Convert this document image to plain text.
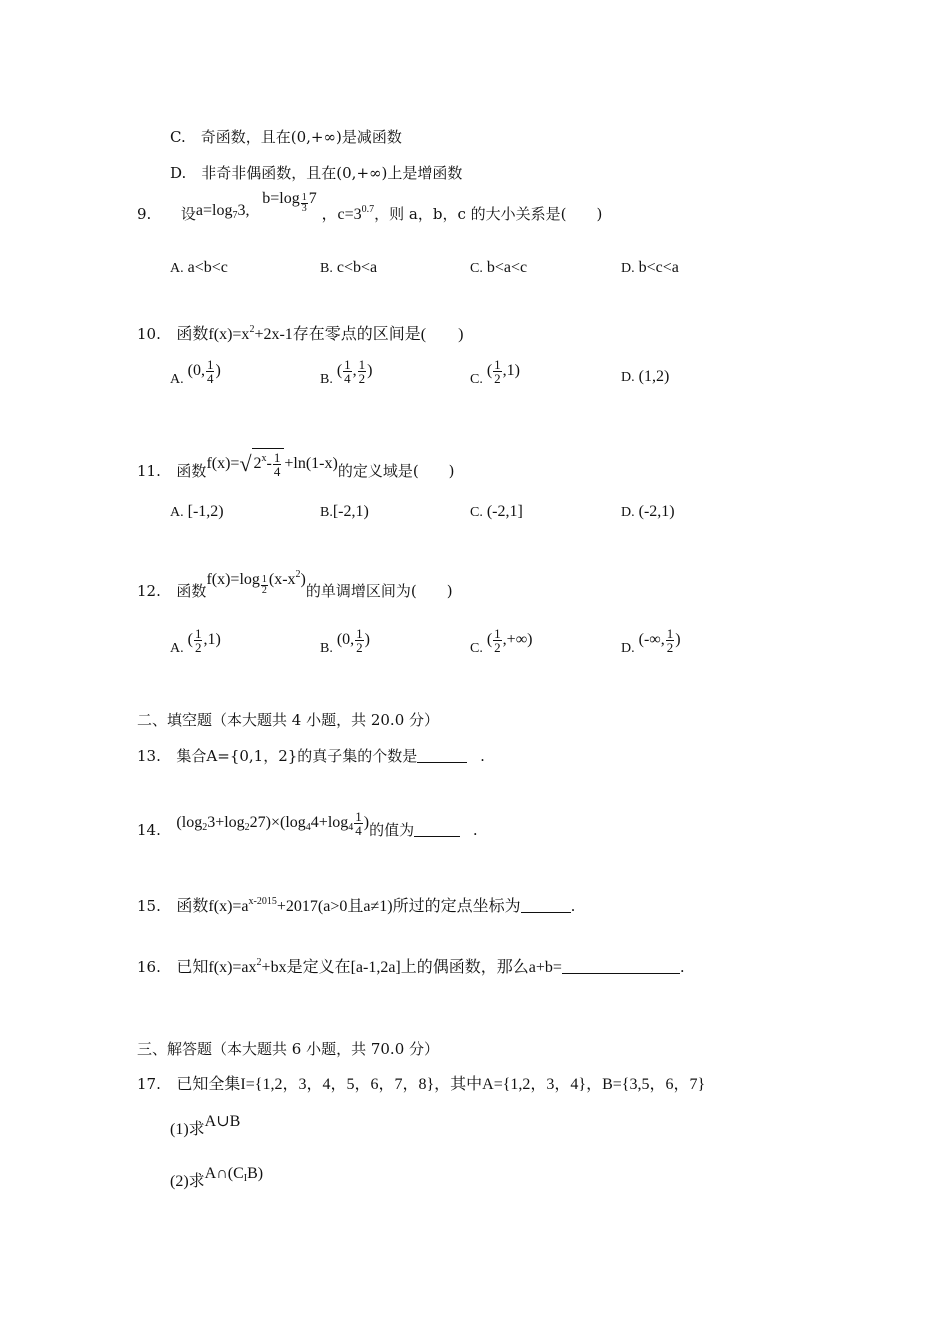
C.　 奇函数，且在(0,+∞)是减函数
D.　 非奇非偶函数，且在(0,+∞)上是增函数
9. 设$a=\log_73$, b=log $_{\frac{1}{3}}$ 7 ，$c=3^{0.7}$，则 a，b，c 的大小关系是(　　)
A. a<b<c	B. c<b<a	C. b<a<c	D. b<c<a
10. 函数$f(x)=x^2+2x-1$存在零点的区间是(　　)
A. (0, $\frac{1}{4}$ )
B. ( $\frac{1}{4}$ , $\frac{1}{2}$ )
C. ( $\frac{1}{2} ,1$)	D. (1,2)
11. 函数f(x)=√ $2^x- \frac{1}{4} +\ln(1-x)$的定义域是(　　)
A. [-1,2)	B.[-2,1)	C. (-2,1]	D. (-2,1)
12. 函数f(x)=log $_{\frac{1}{2}}$ $(x-x^2)$的单调增区间为(　　)
A. ( $\frac{1}{2} ,1$)
B. (0, $\frac{1}{2}$ )
C. ( $\frac{1}{2}$ ,+∞)
D. (-∞, $\frac{1}{2}$ )
二、填空题（本大题共 4 小题，共 20.0 分）
13. 集合A={0,1，2}的真子集的个数是	.
14. $(\log_23+\log_227)\times(\log_44+\log_4 \frac{1}{4}$ )的值为	.
15. 函数$f(x)=a^{x-2015}+2017(a>0$且a≠1)所过的定点坐标为	.
16. 已知$f(x)=ax^2+bx$是定义在[a-1,2a]上的偶函数，那么a+b=	.
三、解答题（本大题共 6 小题，共 70.0 分）
17. 已知全集I={1,2，3，4，5，6，7，8}，其中A={1,2，3，4}，B={3,5，6，7}
(1)求A∪B
(2)求$A\cap(C_IB)$
